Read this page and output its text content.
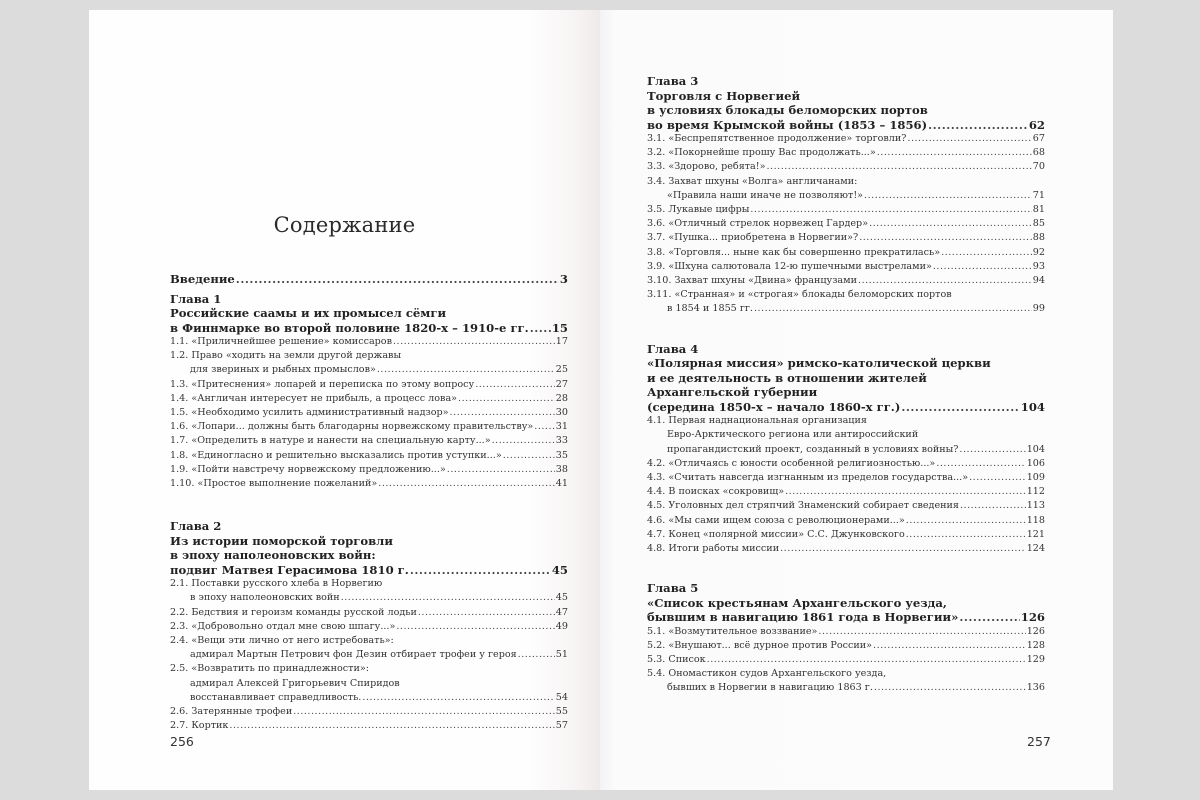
Содержание
Введение .....	3
Глава 1
Российские саамы и их промысел сёмги
в Финнмарке во второй половине 1820-х – 1910-е гг. ..... 15
1.1. «Приличнейшее решение» комиссаров .....	17
1.2. Право «ходить на земли другой державы
для звериных и рыбных промыслов» .....	25
1.3. «Притеснения» лопарей и переписка по этому вопросу .....	27
1.4. «Англичан интересует не прибыль, а процесс лова» .....	28
1.5. «Необходимо усилить административный надзор» .....	30
1.6. «Лопари... должны быть благодарны норвежскому правительству» ..... 31
1.7. «Определить в натуре и нанести на специальную карту...» .....	33
1.8. «Единогласно и решительно высказались против уступки...» .....	35
1.9. «Пойти навстречу норвежскому предложению...» .....	38
1.10. «Простое выполнение пожеланий» .....	41
Глава 2
Из истории поморской торговли
в эпоху наполеоновских войн:
подвиг Матвея Герасимова 1810 г. .....	45
2.1. Поставки русского хлеба в Норвегию
в эпоху наполеоновских войн .....	45
2.2. Бедствия и героизм команды русской лодьи .....	47
2.3. «Добровольно отдал мне свою шпагу...» .....	49
2.4. «Вещи эти лично от него истребовать»:
адмирал Мартын Петрович фон Дезин отбирает трофеи у героя .....	51
2.5. «Возвратить по принадлежности»:
адмирал Алексей Григорьевич Спиридов
восстанавливает справедливость. .....	54
2.6. Затерянные трофеи .....	55
2.7. Кортик .....	57
256
Глава 3
Торговля с Норвегией
в условиях блокады беломорских портов
во время Крымской войны (1853 – 1856) .....	62
3.1. «Беспрепятственное продолжение» торговли? .....	67
3.2. «Покорнейше прошу Вас продолжать...» .....	68
3.3. «Здорово, ребята!» .....	70
3.4. Захват шхуны «Волга» англичанами:
«Правила наши иначе не позволяют!» .....	71
3.5. Лукавые цифры .....	81
3.6. «Отличный стрелок норвежец Гардер» .....	85
3.7. «Пушка... приобретена в Норвегии»? .....	88
3.8. «Торговля... ныне как бы совершенно прекратилась» .....	92
3.9. «Шхуна салютовала 12-ю пушечными выстрелами» .....	93
3.10. Захват шхуны «Двина» французами .....	94
3.11. «Странная» и «строгая» блокады беломорских портов
в 1854 и 1855 гг. .....	99
Глава 4
«Полярная миссия» римско-католической церкви
и ее деятельность в отношении жителей
Архангельской губернии
(середина 1850-х – начало 1860-х гг.) .....	104
4.1. Первая наднациональная организация
Евро-Арктического региона или антироссийский
пропагандистский проект, созданный в условиях войны? .....	104
4.2. «Отличаясь с юности особенной религиозностью...» .....	106
4.3. «Считать навсегда изгнанным из пределов государства...» .....	109
4.4. В поисках «сокровищ» .....	112
4.5. Уголовных дел стряпчий Знаменский собирает сведения .....	113
4.6. «Мы сами ищем союза с революционерами...» .....	118
4.7. Конец «полярной миссии» С.С. Джунковского .....	121
4.8. Итоги работы миссии .....	124
Глава 5
«Список крестьянам Архангельского уезда,
бывшим в навигацию 1861 года в Норвегии» .....	126
5.1. «Возмутительное воззвание» .....	126
5.2. «Внушают... всё дурное против России» .....	128
5.3. Список .....	129
5.4. Ономастикон судов Архангельского уезда,
бывших в Норвегии в навигацию 1863 г. .....	136
257
